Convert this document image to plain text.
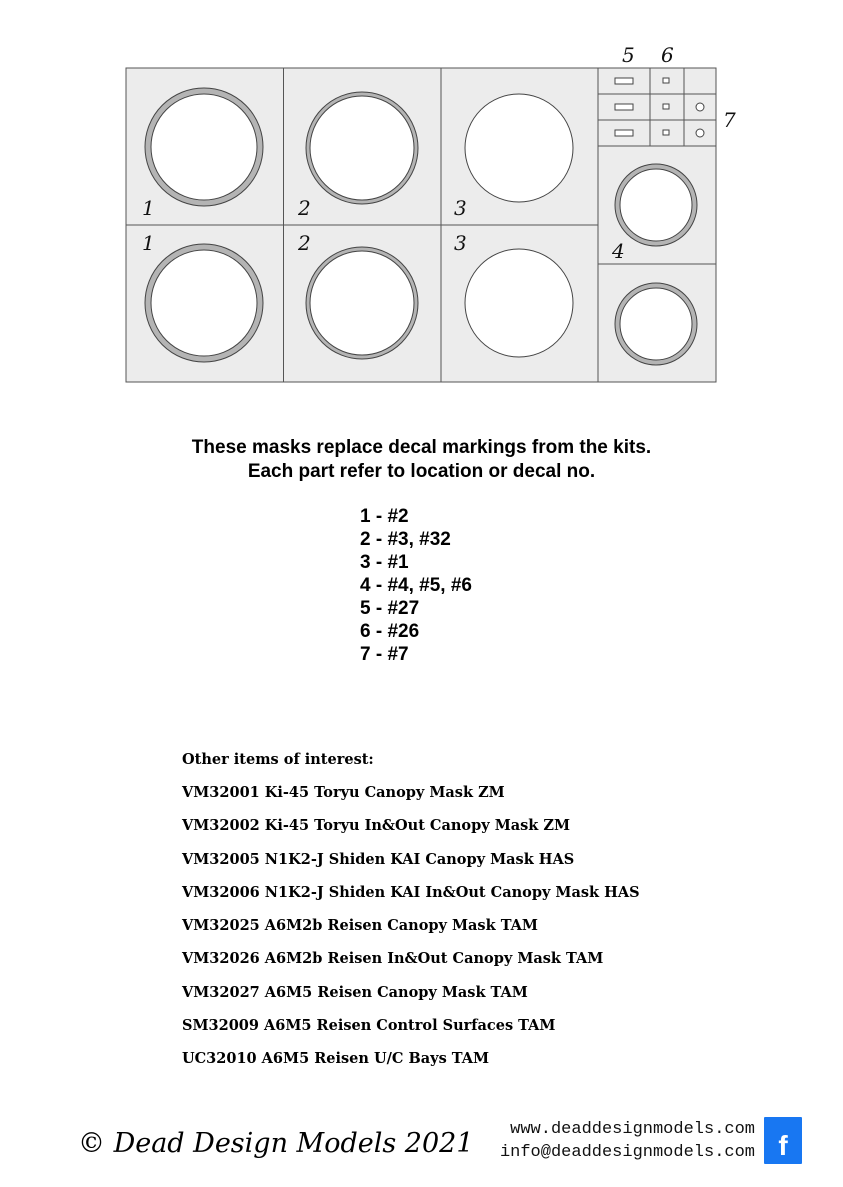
1	2	3
1	2	3	4
5 6
7
These masks replace decal markings from the kits.
Each part refer to location or decal no.
1 - #2
2 - #3, #32
3 - #1
4 - #4, #5, #6
5 - #27
6 - #26
7 - #7
Other items of interest:
VM32001 Ki-45 Toryu Canopy Mask ZM
VM32002 Ki-45 Toryu In&Out Canopy Mask ZM
VM32005 N1K2-J Shiden KAI Canopy Mask HAS
VM32006 N1K2-J Shiden KAI In&Out Canopy Mask HAS
VM32025 A6M2b Reisen Canopy Mask TAM
VM32026 A6M2b Reisen In&Out Canopy Mask TAM
VM32027 A6M5 Reisen Canopy Mask TAM
SM32009 A6M5 Reisen Control Surfaces TAM
UC32010 A6M5 Reisen U/C Bays TAM
© Dead Design Models 2021	www.deaddesignmodels.com
info@deaddesignmodels.com f
